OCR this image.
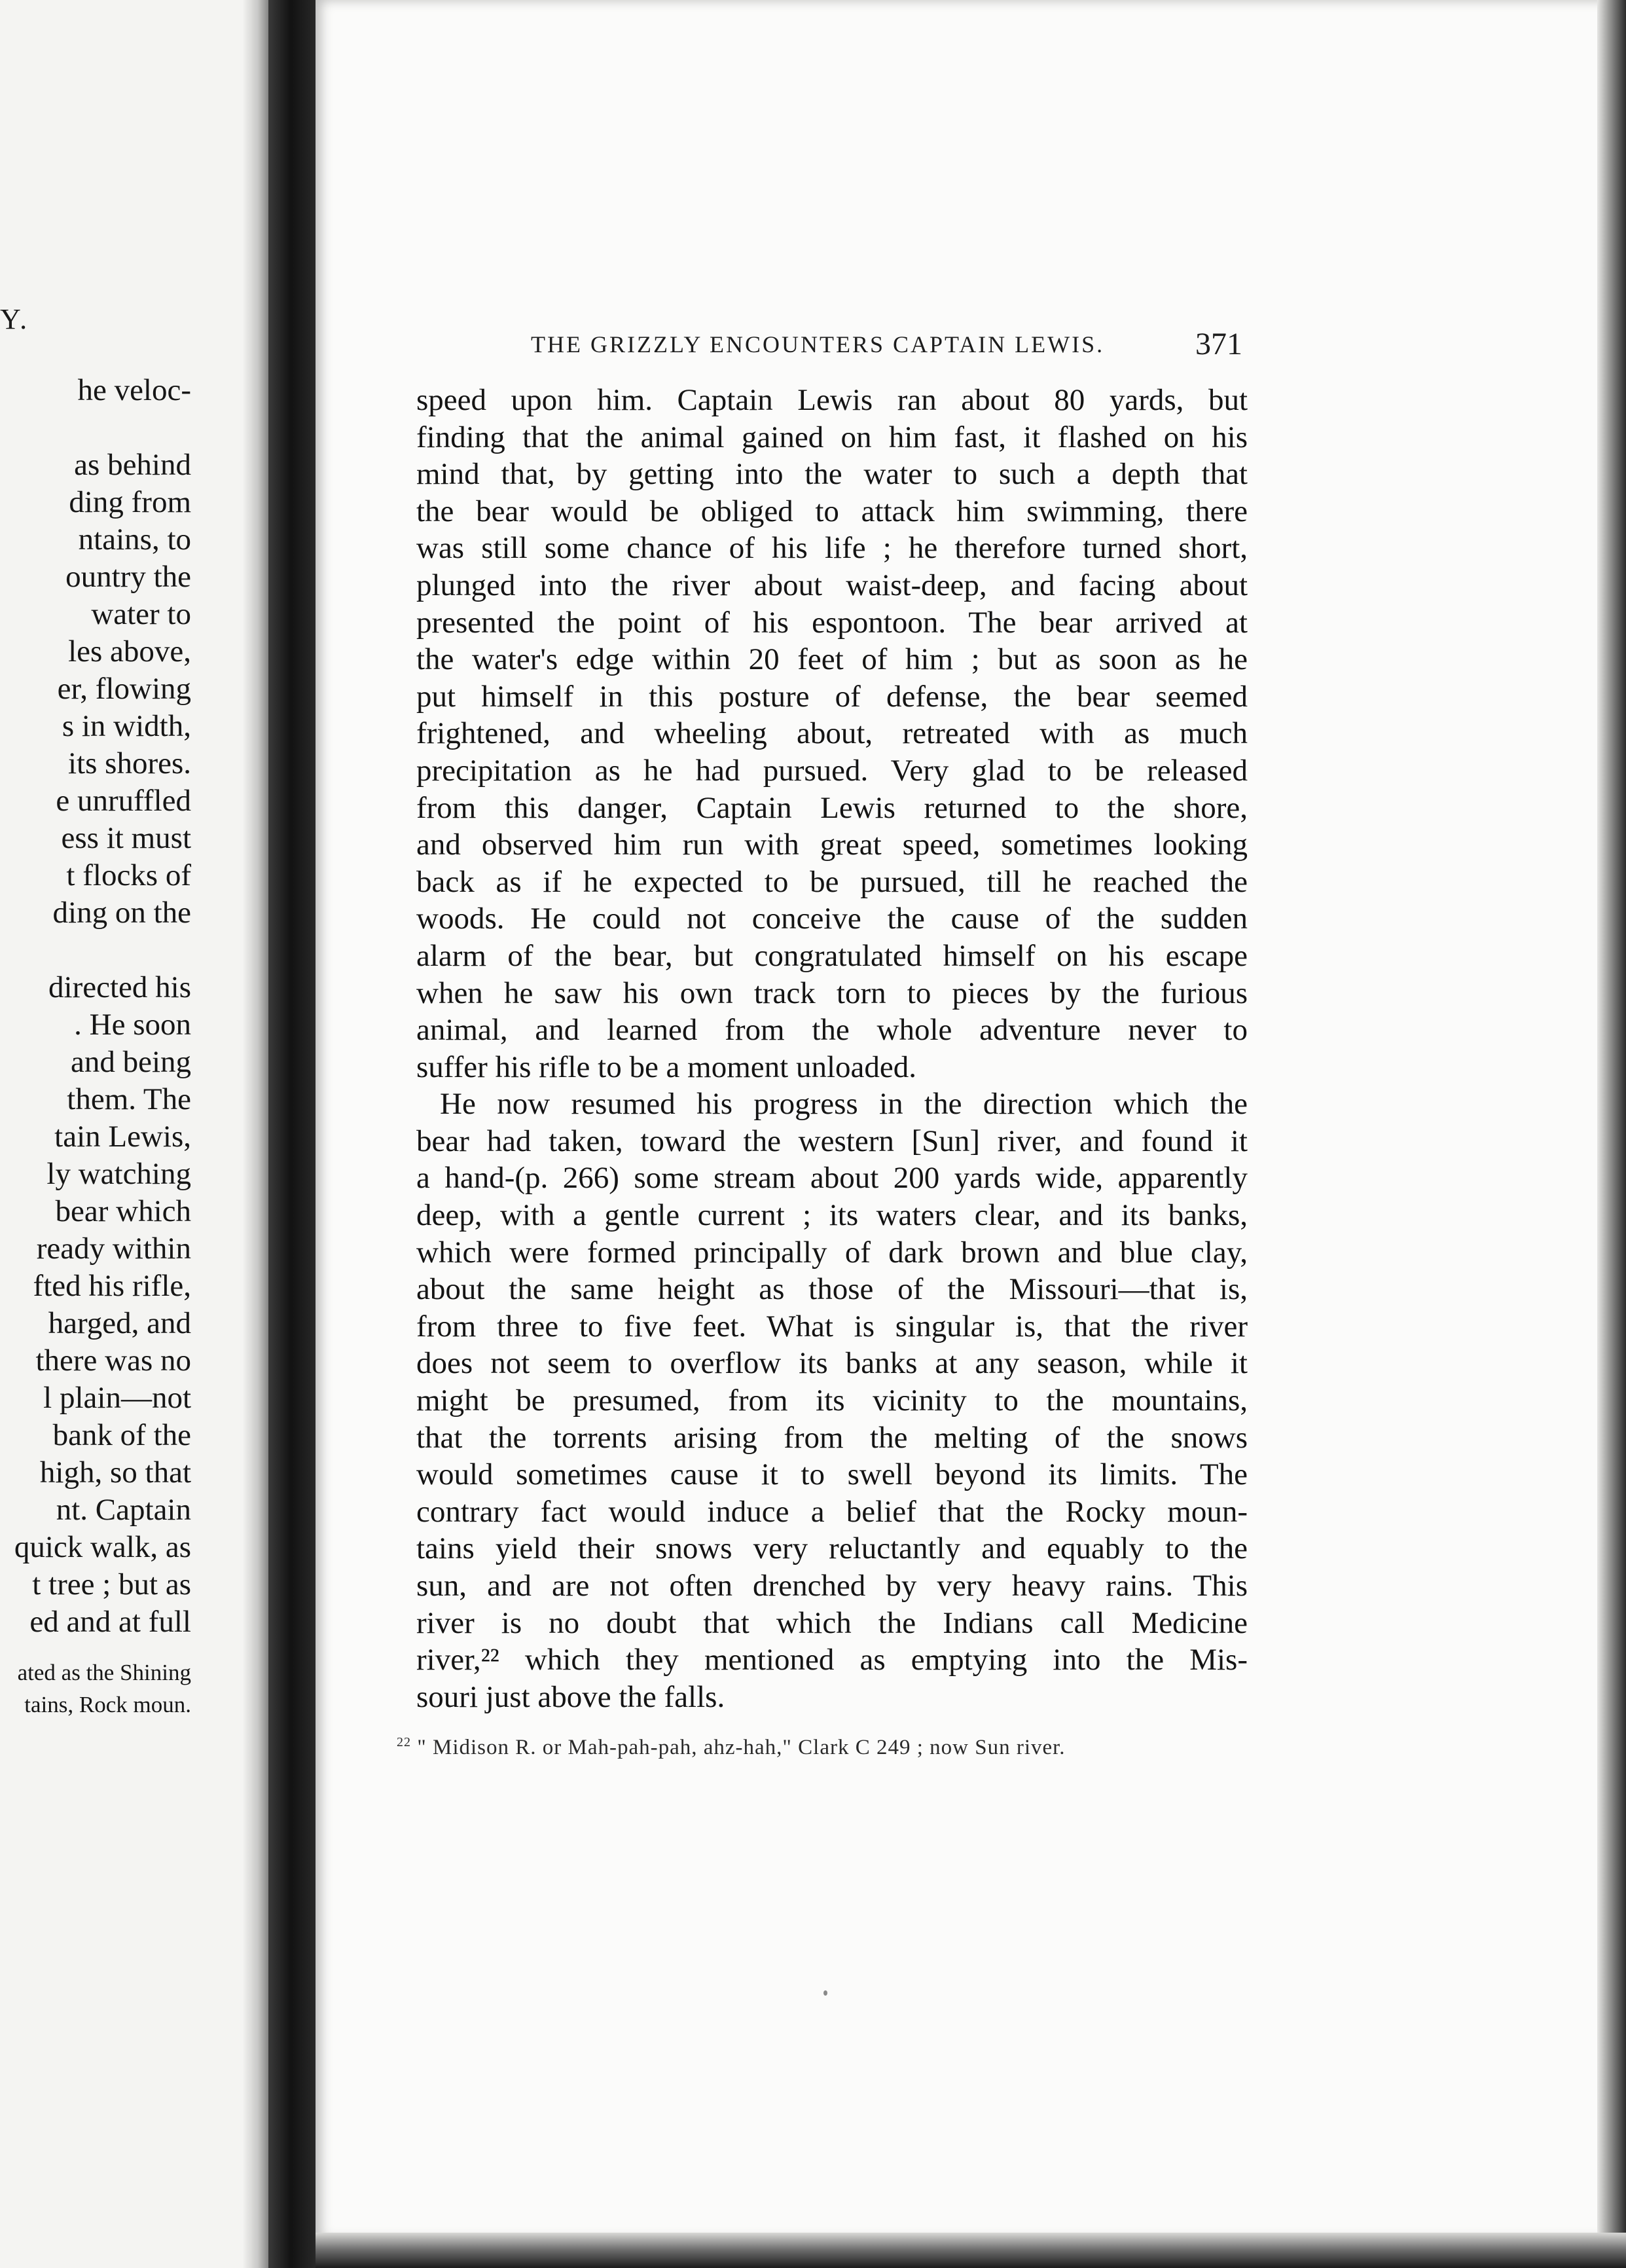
Y.
he veloc-

as behind
ding from
ntains, to
ountry the
water to
les above,
er, flowing
s in width,
its shores.
e unruffled
ess it must
t flocks of
ding on the

directed his
. He soon
and being
them. The
tain Lewis,
ly watching
bear which
ready within
fted his rifle,
harged, and
there was no
l plain—not
bank of the
high, so that
nt. Captain
quick walk, as
t tree ; but as
ed and at full
ated as the Shining
tains, Rock moun.
THE GRIZZLY ENCOUNTERS CAPTAIN LEWIS.	371
speed upon him. Captain Lewis ran about 80 yards, but
finding that the animal gained on him fast, it flashed on his
mind that, by getting into the water to such a depth that
the bear would be obliged to attack him swimming, there
was still some chance of his life ; he therefore turned short,
plunged into the river about waist-deep, and facing about
presented the point of his espontoon. The bear arrived at
the water's edge within 20 feet of him ; but as soon as he
put himself in this posture of defense, the bear seemed
frightened, and wheeling about, retreated with as much
precipitation as he had pursued. Very glad to be released
from this danger, Captain Lewis returned to the shore,
and observed him run with great speed, sometimes looking
back as if he expected to be pursued, till he reached the
woods. He could not conceive the cause of the sudden
alarm of the bear, but congratulated himself on his escape
when he saw his own track torn to pieces by the furious
animal, and learned from the whole adventure never to
suffer his rifle to be a moment unloaded.
He now resumed his progress in the direction which the
bear had taken, toward the western [Sun] river, and found it
a hand-(p. 266) some stream about 200 yards wide, apparently
deep, with a gentle current ; its waters clear, and its banks,
which were formed principally of dark brown and blue clay,
about the same height as those of the Missouri—that is,
from three to five feet. What is singular is, that the river
does not seem to overflow its banks at any season, while it
might be presumed, from its vicinity to the mountains,
that the torrents arising from the melting of the snows
would sometimes cause it to swell beyond its limits. The
contrary fact would induce a belief that the Rocky moun-
tains yield their snows very reluctantly and equably to the
sun, and are not often drenched by very heavy rains. This
river is no doubt that which the Indians call Medicine
river,²² which they mentioned as emptying into the Mis-
souri just above the falls.
$^{22}$ " Midison R. or Mah-pah-pah, ahz-hah," Clark C 249 ; now Sun river.
